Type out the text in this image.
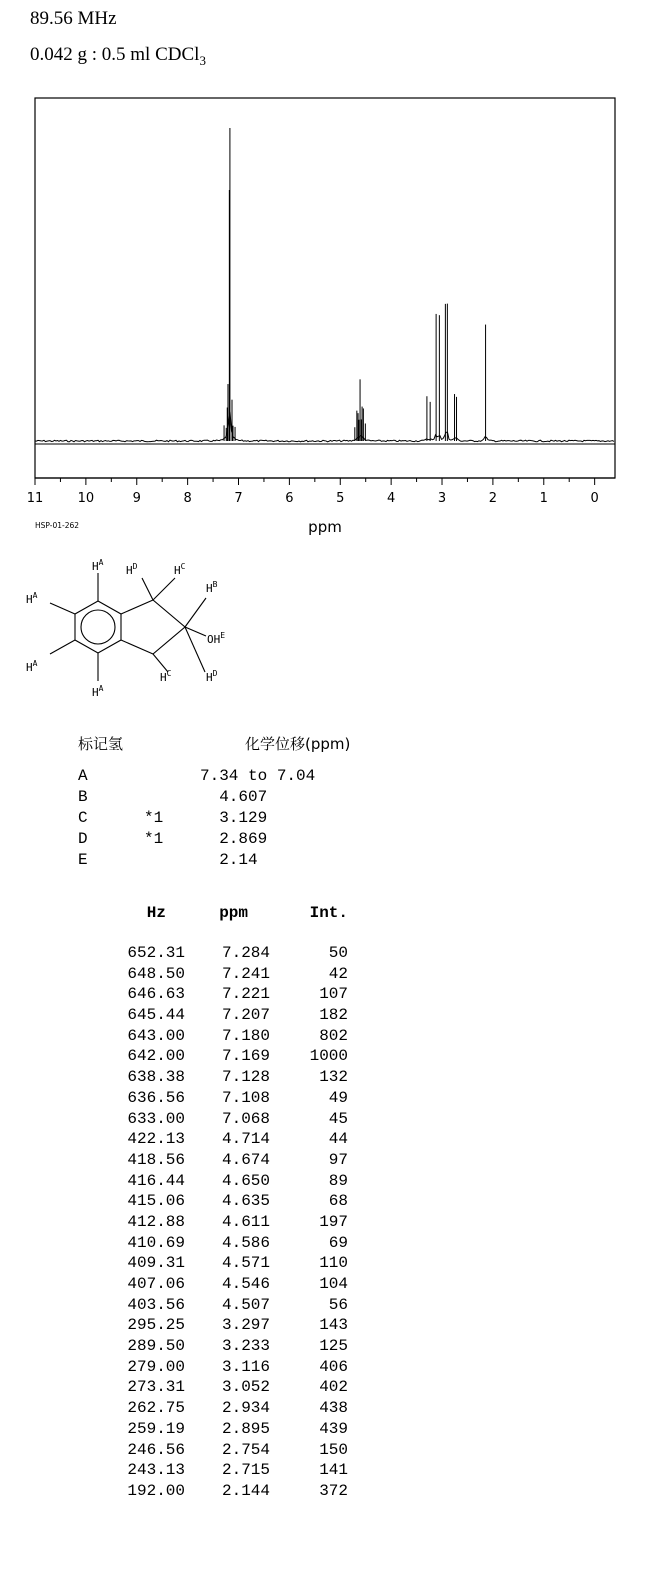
89.56 MHz
0.042 g : 0.5 ml CDCl$_3$
11	10	9	8	7	6	5	4	3	2	1	0
ppm
HSP-01-262
$H^A$
$H^A$
$H^A$
$H^A$
$H^D$	$H^C$
$H^B$
$OH^E$
$H^C$	$H^D$
标记氢	化学位移(ppm)
A	7.34 to 7.04
B	4.607
C	*1 3.129
D	*1 2.869
E	2.14
Hz	ppm	Int.
652.31 7.284	50
648.50 7.241	42
646.63 7.221	107
645.44 7.207	182
643.00 7.180	802
642.00 7.169 1000
638.38 7.128	132
636.56 7.108	49
633.00 7.068	45
422.13 4.714	44
418.56 4.674	97
416.44 4.650	89
415.06 4.635	68
412.88 4.611	197
410.69 4.586	69
409.31 4.571	110
407.06 4.546	104
403.56 4.507	56
295.25 3.297	143
289.50 3.233	125
279.00 3.116	406
273.31 3.052	402
262.75 2.934	438
259.19 2.895	439
246.56 2.754	150
243.13 2.715	141
192.00 2.144	372
